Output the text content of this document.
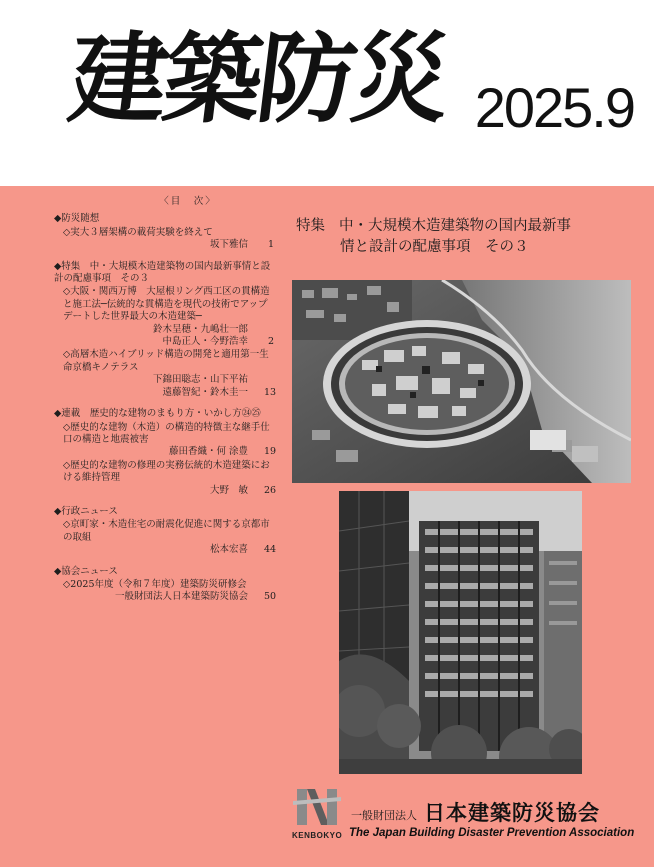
建築防災 2025.9
〈目　次〉
◆防災随想
◇実大３層架構の載荷実験を終えて
坂下雅信	1
◆特集　中・大規模木造建築物の国内最新事情と設計の配慮事項　その３
◇大阪・関西万博　大屋根リング西工区の貫構造と施工法─伝統的な貫構造を現代の技術でアップデートした世界最大の木造建築─
鈴木呈穂・九嶋壮一郎
中島正人・今野浩幸	2
◇高層木造ハイブリッド構造の開発と適用第一生命京橋キノテラス
下錦田聡志・山下平祐
遠藤智紀・鈴木圭一 13
◆連載　歴史的な建物のまもり方・いかし方㉔㉕
◇歴史的な建物（木造）の構造的特徴主な継手仕口の構造と地震被害
藤田香織・何 涂豊 19
◇歴史的な建物の修理の実務伝統的木造建築における維持管理
大野　敏 26
◆行政ニュース
◇京町家・木造住宅の耐震化促進に関する京都市の取組
松本宏喜 44
◆協会ニュース
◇2025年度（令和７年度）建築防災研修会
一般財団法人日本建築防災協会 50
特集 中・大規模木造建築物の国内最新事
情と設計の配慮事項　その３
KENBOKYO
一般財団法人 日本建築防災協会
The Japan Building Disaster Prevention Association
